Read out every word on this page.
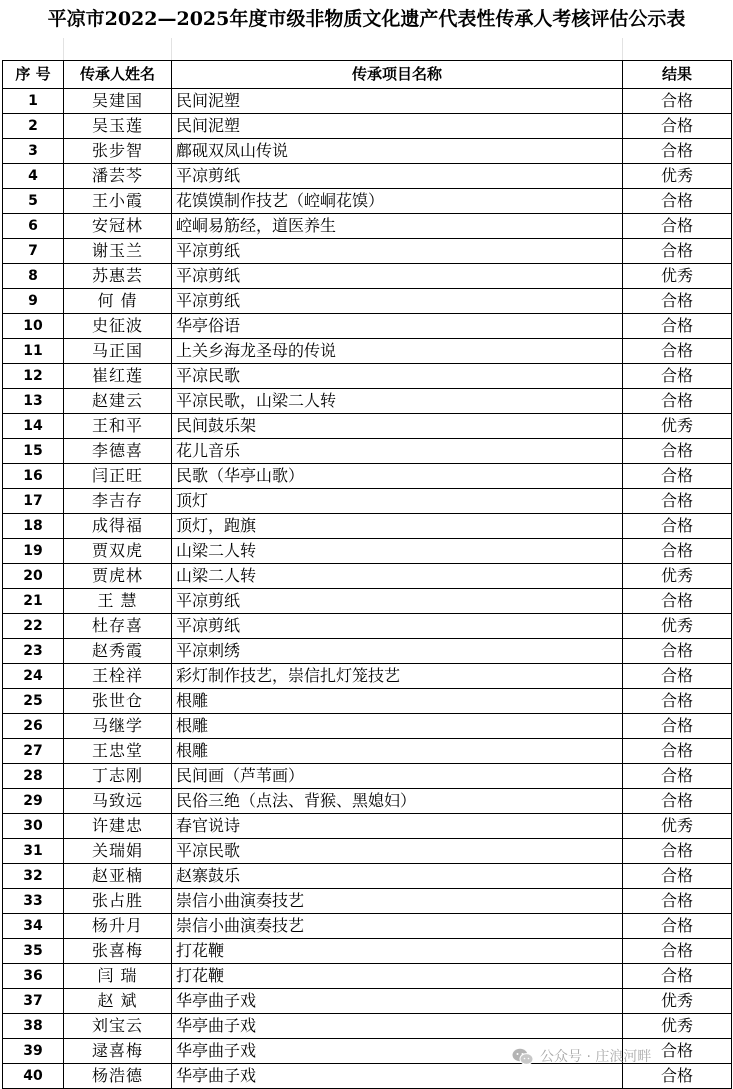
平凉市2022—2025年度市级非物质文化遗产代表性传承人考核评估公示表
序 号	传承人姓名	传承项目名称	结果
1	吴建国	民间泥塑	合格
2	吴玉莲	民间泥塑	合格
3	张步智	鄜砚双凤山传说	合格
4	潘芸芩	平凉剪纸	优秀
5	王小霞	花馍馍制作技艺（崆峒花馍）	合格
6	安冠林	崆峒易筋经，道医养生	合格
7	谢玉兰	平凉剪纸	合格
8	苏惠芸	平凉剪纸	优秀
9	何 倩	平凉剪纸	合格
10	史征波	华亭俗语	合格
11	马正国	上关乡海龙圣母的传说	合格
12	崔红莲	平凉民歌	合格
13	赵建云	平凉民歌，山梁二人转	合格
14	王和平	民间鼓乐架	优秀
15	李德喜	花儿音乐	合格
16	闫正旺	民歌（华亭山歌）	合格
17	李吉存	顶灯	合格
18	成得福	顶灯，跑旗	合格
19	贾双虎	山梁二人转	合格
20	贾虎林	山梁二人转	优秀
21	王 慧	平凉剪纸	合格
22	杜存喜	平凉剪纸	优秀
23	赵秀霞	平凉刺绣	合格
24	王栓祥	彩灯制作技艺，崇信扎灯笼技艺	合格
25	张世仓	根雕	合格
26	马继学	根雕	合格
27	王忠堂	根雕	合格
28	丁志刚	民间画（芦苇画）	合格
29	马致远	民俗三绝（点法、背猴、黑媳妇）	合格
30	许建忠	春官说诗	优秀
31	关瑞娟	平凉民歌	合格
32	赵亚楠	赵寨鼓乐	合格
33	张占胜	崇信小曲演奏技艺	合格
34	杨升月	崇信小曲演奏技艺	合格
35	张喜梅	打花鞭	合格
36	闫 瑞	打花鞭	合格
37	赵 斌	华亭曲子戏	优秀
38	刘宝云	华亭曲子戏	优秀
39	逯喜梅	华亭曲子戏	合格
40	杨浩德	华亭曲子戏	合格
公众号 · 庄浪河畔
